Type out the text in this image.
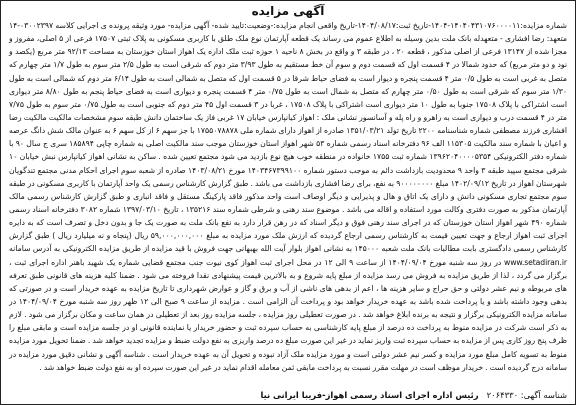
آگهی مزایده

شماره مزایده:۱۴۰۴۰۴۳۱۰۷۶۰۰۰۰۱۱-۱۴۰۴-تاریخ ثبت:۱۴۰۴/۰۸/۱۷-تاریخ واقعی انجام مزایده:-وضعیت:تایید شده- آگهی مزایده- مورد وثیقه پرونده ی اجرایی کلاسه ۰۳۰۰۲۳۹۷-۱۴ متعهد: رضا افشاری - متعهدله بانک ملت بدین وسیله به اطلاع عموم می رساند یک قطعه آپارتمان نوع ملک طلق با کاربری مسکونی به پلاک ثبتی ۱۷۵۰۷ فرعی از ۵ اصلی، مفروز و مجزا شده از ۱۳۱۴۷ فرعی از اصلی مذکور ، قطعه ۲۰ ، در طبقه ۳ و واقع در بخش ۸ ناحیه ۱ حوزه ثبت ملک اداره یک اهواز استان خوزستان به مساحت ۹۲/۱۳ متر مربع (یکصد و نود و دو متر مربع) که حدود شمالا در ۴ قسمت اول که قسمت دوم و سوم آن خط مستقیم به طول ۳/۹۳ متر دوم که شرقی است به طول ۲/۵ متر سوم به طول ۱/۷ متر چهارم که متصل به غربی است به طول ۰/۵ متر ۴ قسمت پنجره و دیوار است به فضای حیاط شرقا در ۵ قسمت اول که متصل به شمالی است به طول ۶/۱۴ متر دوم که شمالی است به طول ۱/۳۰ متر سوم که شرقی است به طول ۰/۵۰ متر چهارم که متصل به شمال است به طول ۰/۷۵ متر ۴ قسمت پنجره و دیواری است به فضای حیاط پنجم به طول ۸/۸۰ متر دیواری است اشتراکی با پلاک ۱۷۵۰۸ جنوبا به طول ۱۰ متر دیواری است اشتراکی با پلاک ۱۷۵۰۸ ، غربا در ۳ قسمت اول ۴۵ متر دوم که جنوبی است به طول ۰/۷۵ متر سوم به طول ۷/۷۵ متر در ۴ قسمت درب و دیواری است به راهرو و راه پله و آسانسور نشانی ملک : اهواز کیانپارس خیابان ۱۷ غربی فاز یک ساختمان دانش طبقه سوم مشخصات مالکیت مالکیت رضا افشاری فرزند مصطفی شماره شناسنامه ۲۲۰۰ تاریخ تولد ۱۳۵۱/۰۳/۲۱ صادره از اهواز دارای شماره ملی ۱۷۵۵۰۷۸۸۷۸ با جز سهم ۶ از کل سهم ۶ به عنوان مالک شش دانگ عرصه و اعیان با شماره سند مالکیت ۱۱۵۳۰۵ الف ۹۶ دفترخانه اسناد رسمی شماره ۵۳ شهر اهواز استان خوزستان موجب سند مالکیت اصلی به شماره چاپی ۱۸۵۸۹۴ سری ج سال ۹۰ با شماره دفتر الکترونیکی ۱۳۹۶۲۰۴۰۰۰۰۵۳۵۴ شماره ثبت ۱۷۵۵ خانواده در منطقه خوب هیچ نوع بازدید می شود مجتمع تعیین شده . ساکن به نشانی اهواز کیانپارس نبش خیابان ۱۰ شرقی مجتمع سپید طبقه ۳ واحد ۹ محدودیت بازداشت دائم به موجب دستور شماره ۱۴۰۳۴۶۷۳۹۹۱۰۰ مورخ ۱۴۰۳/۰۸/۲۱ صادره از شعبه سوم اجرای احکام مدنی مجتمع تندگویان شهرستان اهواز در تاریخ ۱۴۰۲/۰۹/۱۲ مبلغ ۹۰۰۰۰۰۰۰۰ به نفع، برای رضا افشاری بازداشت می باشد . طبق گزارش کارشناس رسمی یک واحد آپارتمان با کاربری مسکونی در طبقه سوم مجتمع تجاری مسکونی دانش و دارای یک اتاق و هال و پذیرایی و دیگر اوصاف است واحد مذکور فاقد پارکینگ مستقل و فاقد انباری و طبق گزارش کارشناس رسمی مالک آپارتمان مذکور به صورت دفتری وکالت مورد استفاده و اقاله می باشد . موضوع سند رهنی و شرطی شماره سند ۱۳۵۲۱۶ ، تاریخ ۱۳۹۷/۰۳/۱۰ شماره ۳۰۸۲ دفترخانه اسناد رسمی شماره ۴۹۰ شهر اهواز استان خوزستان که در اجرای سند رهنی فوق و دیگر اسناد که در رهن قرار دارد به نفع بانک ملت به صورت یک جا و بدون دخل و تصرف است که به دایره اجرای ثبت اهواز ارجاع و جهت تعیین قیمت به کارشناس رسمی ارجاع گردیده که ارزش ملک مورد مزایده به مبلغ ۵۹,۰۰۰,۰۰۰,۰۰۰ ریال (پنجاه و نه میلیارد ریال ) طبق گزارش کارشناس رسمی دادگستری بابت مطالبات بانک ملت شعبه ۱۴۵۰۰۰ به نشانی اهواز بلوار آیت الله بهبهانی جهت فروش با قید مزایده از طریق مزایده الکترونیکی به آدرس سامانه www.setadiran.ir در روز سه شنبه مورخ ۱۴۰۴/۰۹/۰۴ از ساعت ۹ الی ۱۲ در محل اجرای ثبت اهواز کوی نیوت جنب مجتمع قضایی شماره یک شهید باهنر اداره اجرای ثبت ، برگزار می گردد ، لذا از طریق مزایده به فروش می رسد مزایده از مبلغ پایه شروع و به بالاترین قیمت پیشنهادی نقدا فروخته می شود . ضمنا کلیه هزینه های قانونی طبق تعرفه های مربوطه و نیم عشر دولتی و حق حراج و سایر هزینه ها ، اعم از بدهی های ناشی از آب و برق و گاز و عوارض شهرداری تا تاریخ مزایده به عهده خریدار است و در صورتی که بدهی وجود داشته باشد و یا پرداخت شده باشد به عهده خریدار خواهد بود و پرداخت آن الزامی است . مزایده از ساعت ۹ صبح الی ۱۲ ظهر روز سه شنبه مورخ ۱۴۰۴/۰۹/۰۴ در سامانه مزایده الکترونیکی برگزار و نتیجه به برنده ابلاغ خواهد شد . در صورت تعطیلی روز مزایده ، جلسه مزایده روز بعد از تعطیلی در همان ساعت و مکان برگزار می شود . لازم به ذکر است شرکت در مزایده منوط به پرداخت ده درصد از مبلغ پایه کارشناسی به حساب سپرده ثبت و حضور خریدار یا نماینده قانونی او در جلسه مزایده است و مابقی مبلغ را ظرف پنج روز کاری پس از مزایده به حساب سپرده ثبت واریز نماید در غیر این صورت مبلغ ده درصد واریزی به نفع دولت ضبط و مزایده تجدید خواهد شد . ضمنا تحویل مورد مزایده منوط به تسویه کامل مبلغ مورد مزایده و کسر نیم عشر دولتی است و مورد مزایده ملک آزاد نبوده و تحویل آن به عهده خریدار است . شناسه آگهی و نشانی دقیق مورد مزایده در سامانه درج گردیده است . خریدار موظف است در مهلت مقرر نسبت به پرداخت مابقی ثمن معامله اقدام نماید در غیر این صورت سپرده او به نفع دولت ضبط خواهد شد .

شناسه آگهی: ۲۰۶۴۳۳۰   رئیس اداره اجرای اسناد رسمی اهواز-فریبا ایرانی نیا
